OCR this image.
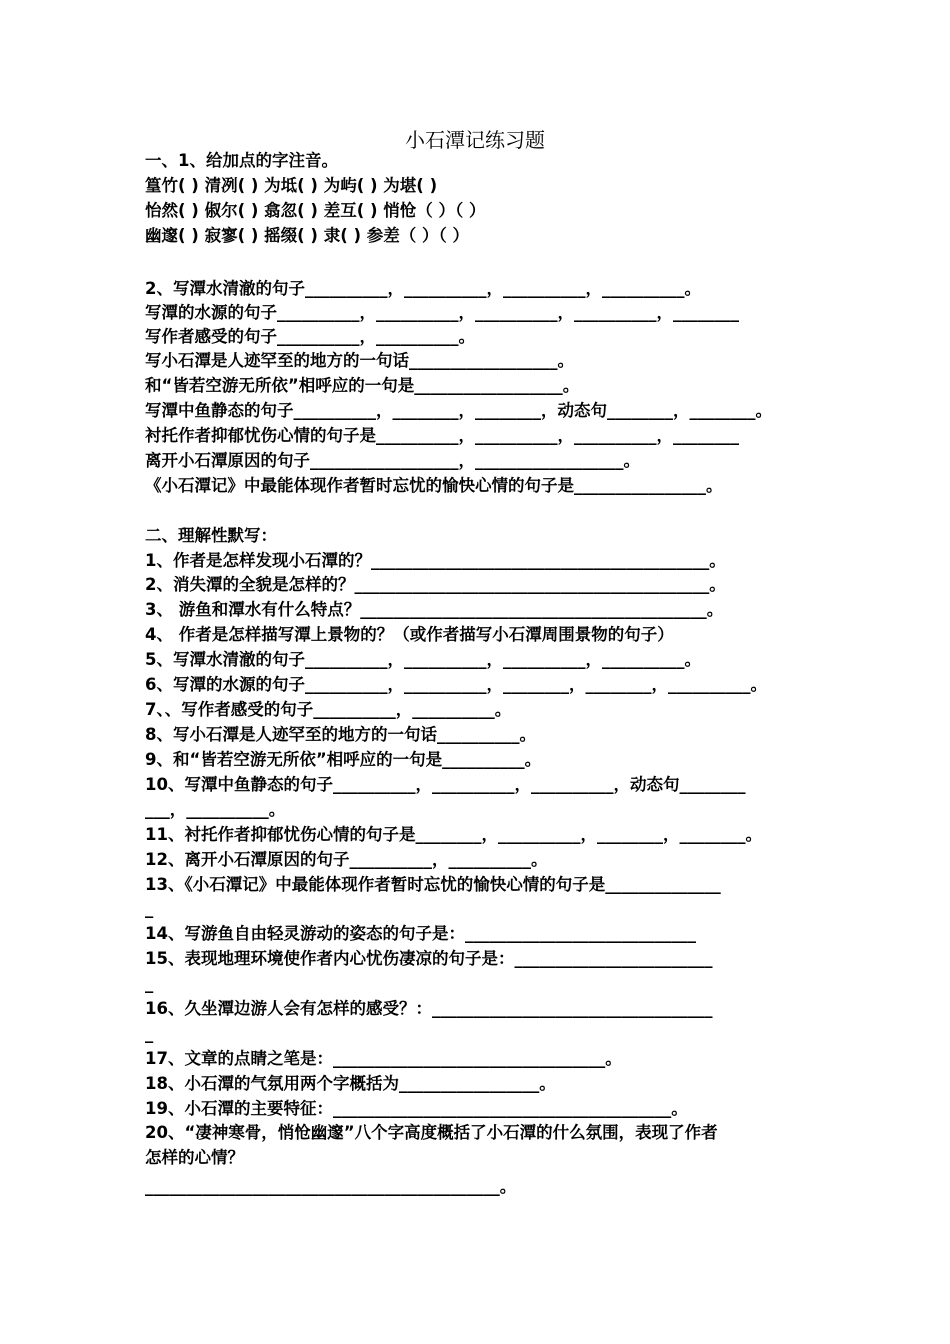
小石潭记练习题
一、1、给加点的字注音。
篁竹( ) 清冽( ) 为坻( ) 为屿( ) 为堪( )
怡然( ) 俶尔( ) 翕忽( ) 差互( ) 悄怆（ ）（ ）
幽邃( ) 寂寥( ) 摇缀( ) 隶( ) 参差（ ）（ ）
2、写潭水清澈的句子__________，__________，__________，__________。
写潭的水源的句子__________，__________，__________，__________，________
写作者感受的句子__________，__________。
写小石潭是人迹罕至的地方的一句话__________________。
和“皆若空游无所依”相呼应的一句是__________________。
写潭中鱼静态的句子__________，________，________，动态句________，________。
衬托作者抑郁忧伤心情的句子是__________，__________，__________，________
离开小石潭原因的句子__________________，__________________。
《小石潭记》中最能体现作者暂时忘忧的愉快心情的句子是________________。
二、理解性默写：
1、作者是怎样发现小石潭的？_________________________________________。
2、消失潭的全貌是怎样的？___________________________________________。
3、 游鱼和潭水有什么特点？__________________________________________。
4、 作者是怎样描写潭上景物的？（或作者描写小石潭周围景物的句子）
5、写潭水清澈的句子__________，__________，__________，__________。
6、写潭的水源的句子__________，__________，________，________，__________。
7、、写作者感受的句子__________，__________。
8、写小石潭是人迹罕至的地方的一句话__________。
9、和“皆若空游无所依”相呼应的一句是__________。
10、写潭中鱼静态的句子__________，__________，__________，动态句________
___，__________。
11、衬托作者抑郁忧伤心情的句子是________，__________，________，________。
12、离开小石潭原因的句子__________，__________。
13、《小石潭记》中最能体现作者暂时忘忧的愉快心情的句子是______________
_
14、写游鱼自由轻灵游动的姿态的句子是：____________________________
15、表现地理环境使作者内心忧伤凄凉的句子是：________________________
_
16、久坐潭边游人会有怎样的感受？：__________________________________
_
17、文章的点睛之笔是：_________________________________。
18、小石潭的气氛用两个字概括为_________________。
19、小石潭的主要特征：_________________________________________。
20、“凄神寒骨，悄怆幽邃”八个字高度概括了小石潭的什么氛围，表现了作者
怎样的心情？
___________________________________________。
